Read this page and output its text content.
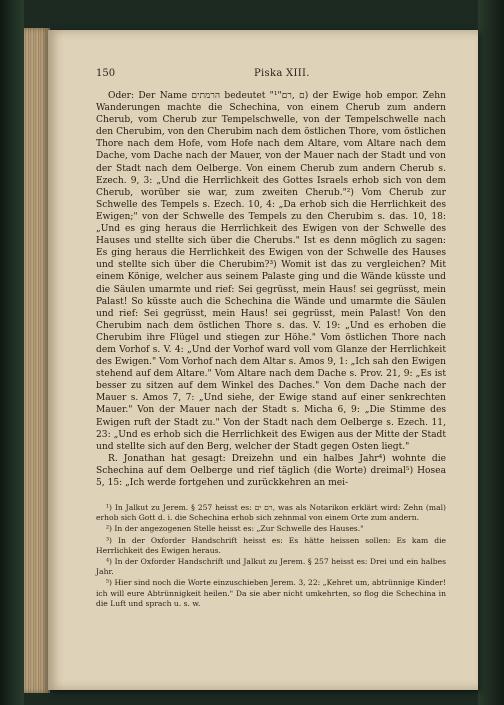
150	Piska XIII.

Oder: Der Name הרמתים bedeutet "ם ,רם"¹) der Ewige hob empor. Zehn Wanderungen machte die Schechina, von einem Cherub zum andern Cherub, vom Cherub zur Tempelschwelle, von der Tempelschwelle nach den Cherubim, von den Cherubim nach dem östlichen Thore, vom östlichen Thore nach dem Hofe, vom Hofe nach dem Altare, vom Altare nach dem Dache, vom Dache nach der Mauer, von der Mauer nach der Stadt und von der Stadt nach dem Oelberge. Von einem Cherub zum andern Cherub s. Ezech. 9, 3: „Und die Herrlichkeit des Gottes Israels erhob sich von dem Cherub, worüber sie war, zum zweiten Cherub."²) Vom Cherub zur Schwelle des Tempels s. Ezech. 10, 4: „Da erhob sich die Herrlichkeit des Ewigen;" von der Schwelle des Tempels zu den Cherubim s. das. 10, 18: „Und es ging heraus die Herrlichkeit des Ewigen von der Schwelle des Hauses und stellte sich über die Cherubs." Ist es denn möglich zu sagen: Es ging heraus die Herrlichkeit des Ewigen von der Schwelle des Hauses und stellte sich über die Cherubim?³) Womit ist das zu vergleichen? Mit einem Könige, welcher aus seinem Palaste ging und die Wände küsste und die Säulen umarmte und rief: Sei gegrüsst, mein Haus! sei gegrüsst, mein Palast! So küsste auch die Schechina die Wände und umarmte die Säulen und rief: Sei gegrüsst, mein Haus! sei gegrüsst, mein Palast! Von den Cherubim nach dem östlichen Thore s. das. V. 19: „Und es erhoben die Cherubim ihre Flügel und stiegen zur Höhe." Vom östlichen Thore nach dem Vorhof s. V. 4: „Und der Vorhof ward voll vom Glanze der Herrlichkeit des Ewigen." Vom Vorhof nach dem Altar s. Amos 9, 1: „Ich sah den Ewigen stehend auf dem Altare." Vom Altare nach dem Dache s. Prov. 21, 9: „Es ist besser zu sitzen auf dem Winkel des Daches." Von dem Dache nach der Mauer s. Amos 7, 7: „Und siehe, der Ewige stand auf einer senkrechten Mauer." Von der Mauer nach der Stadt s. Micha 6, 9: „Die Stimme des Ewigen ruft der Stadt zu." Von der Stadt nach dem Oelberge s. Ezech. 11, 23: „Und es erhob sich die Herrlichkeit des Ewigen aus der Mitte der Stadt und stellte sich auf den Berg, welcher der Stadt gegen Osten liegt."

R. Jonathan hat gesagt: Dreizehn und ein halbes Jahr⁴) wohnte die Schechina auf dem Oelberge und rief täglich (die Worte) dreimal⁵) Hosea 5, 15: „Ich werde fortgehen und zurückkehren an mei-

¹) In Jalkut zu Jerem. § 257 heisst es: רם ים, was als Notarikon erklärt wird: Zehn (mal) erhob sich Gott d. i. die Schechina erhob sich zehnmal von einem Orte zum andern.

²) In der angezogenen Stelle heisst es: „Zur Schwelle des Hauses."

³) In der Oxforder Handschrift heisst es: Es hätte heissen sollen: Es kam die Herrlichkeit des Ewigen heraus.

⁴) In der Oxforder Handschrift und Jalkut zu Jerem. § 257 heisst es: Drei und ein halbes Jahr.

⁵) Hier sind noch die Worte einzuschieben Jerem. 3, 22: „Kehret um, abtrünnige Kinder! ich will eure Abtrünnigkeit heilen." Da sie aber nicht umkehrten, so flog die Schechina in die Luft und sprach u. s. w.
